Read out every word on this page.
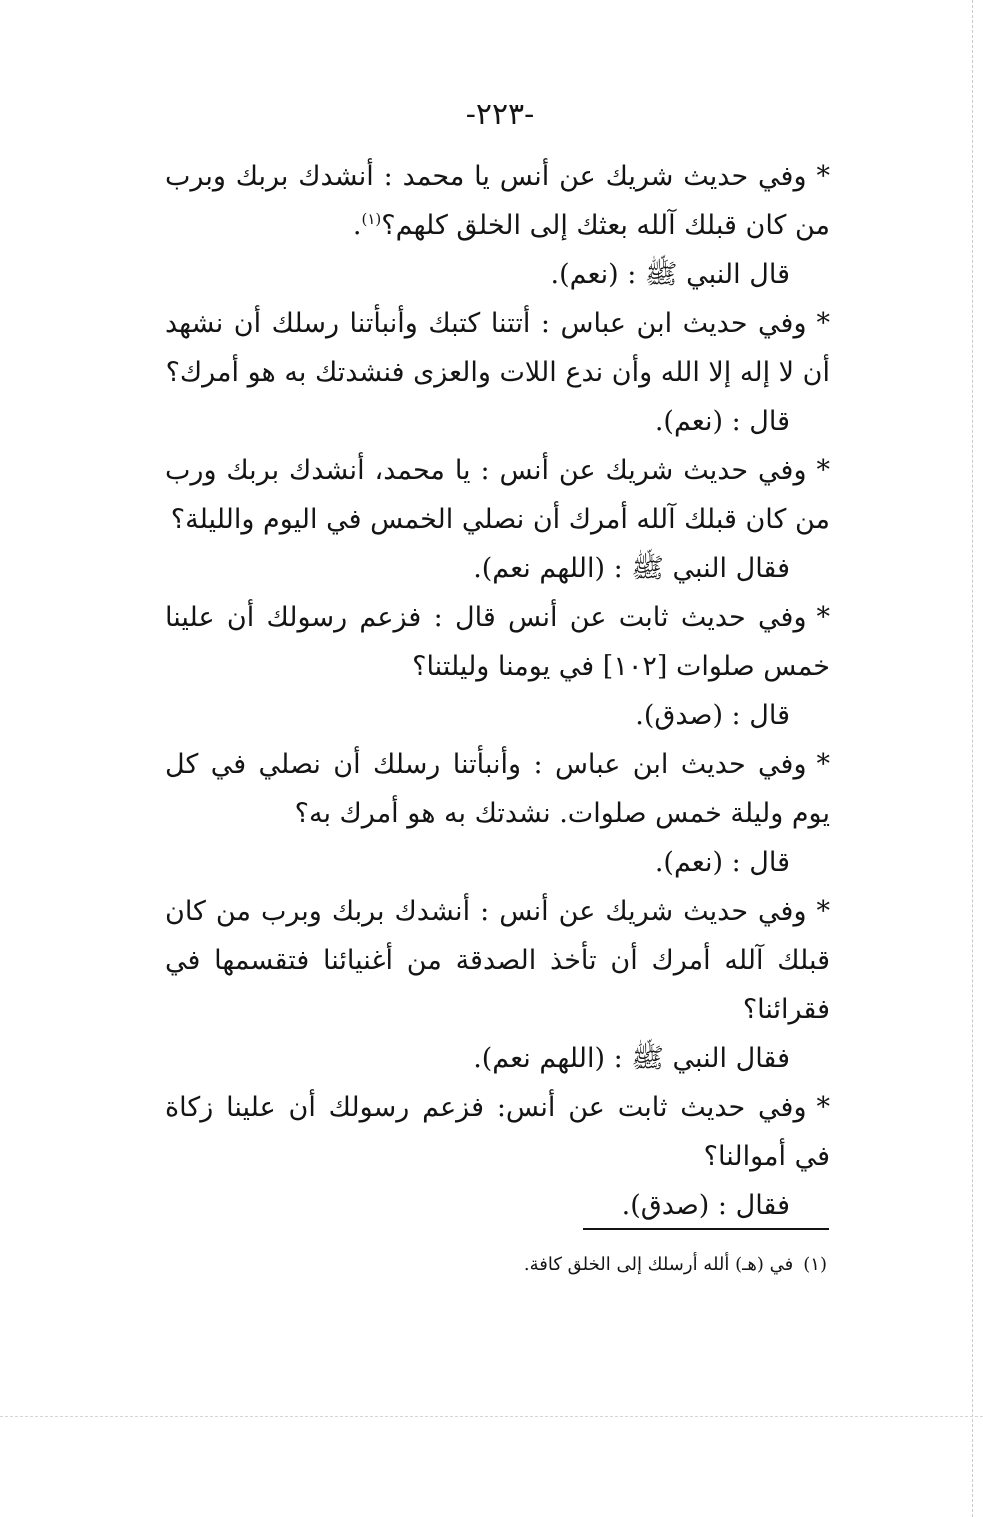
-٢٢٣-

*وفي حديث شريك عن أنس يا محمد : أنشدك بربك وبرب من كان قبلك آلله بعثك إلى الخلق كلهم؟$^{(١)}$.

قال النبي ﷺ : (نعم).

*وفي حديث ابن عباس : أتتنا كتبك وأنبأتنا رسلك أن نشهد أن لا إله إلا الله وأن ندع اللات والعزى فنشدتك به هو أمرك؟

قال : (نعم).

*وفي حديث شريك عن أنس : يا محمد، أنشدك بربك ورب من كان قبلك آلله أمرك أن نصلي الخمس في اليوم والليلة؟

فقال النبي ﷺ : (اللهم نعم).

*وفي حديث ثابت عن أنس قال : فزعم رسولك أن علينا خمس صلوات [١٠٢] في يومنا وليلتنا؟

قال : (صدق).

*وفي حديث ابن عباس : وأنبأتنا رسلك أن نصلي في كل يوم وليلة خمس صلوات. نشدتك به هو أمرك به؟

قال : (نعم).

*وفي حديث شريك عن أنس : أنشدك بربك وبرب من كان قبلك آلله أمرك أن تأخذ الصدقة من أغنيائنا فتقسمها في فقرائنا؟

فقال النبي ﷺ : (اللهم نعم).

*وفي حديث ثابت عن أنس: فزعم رسولك أن علينا زكاة في أموالنا؟

فقال : (صدق).

(١)في (هـ) ألله أرسلك إلى الخلق كافة.
